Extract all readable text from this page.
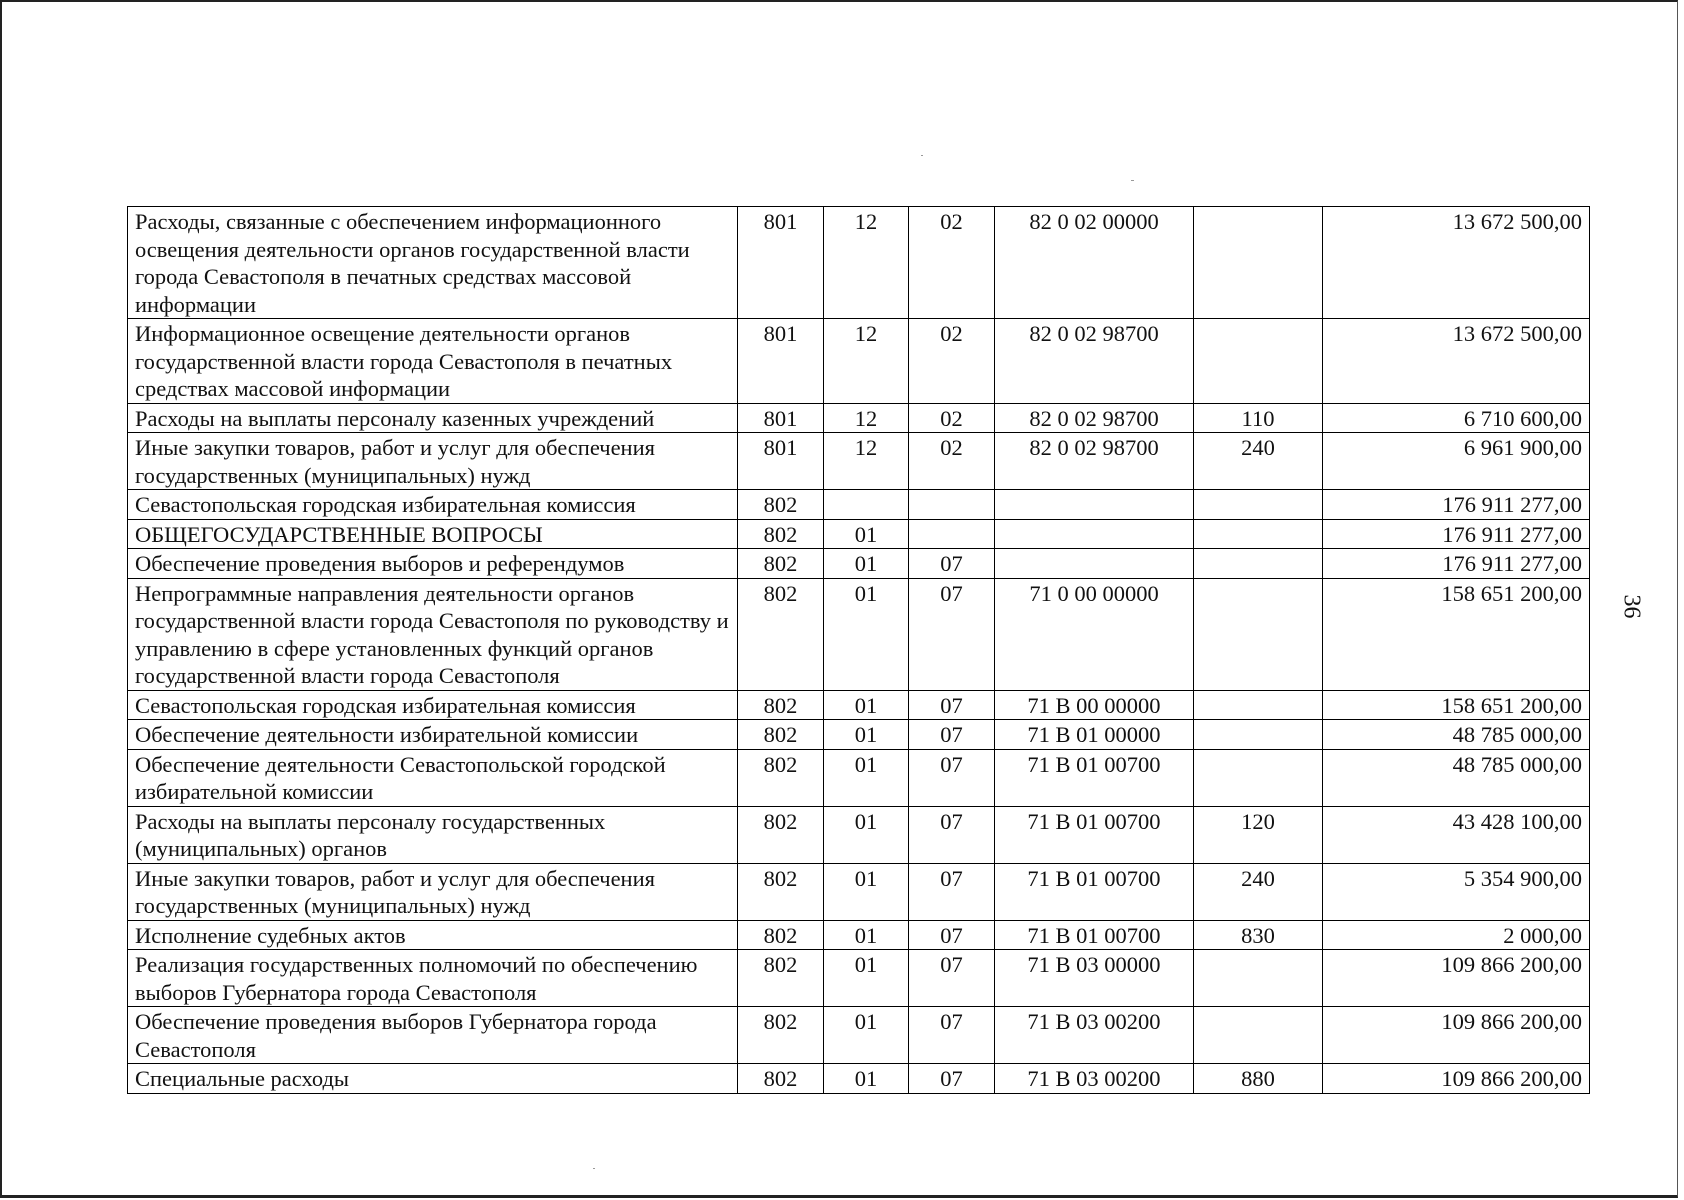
Расходы, связанные с обеспечением информационного освещения деятельности органов государственной власти города Севастополя в печатных средствах массовой информации	801	12	02	82 0 02 00000		13 672 500,00
Информационное освещение деятельности органов государственной власти города Севастополя в печатных средствах массовой информации	801	12	02	82 0 02 98700		13 672 500,00
Расходы на выплаты персоналу казенных учреждений	801	12	02	82 0 02 98700	110	6 710 600,00
Иные закупки товаров, работ и услуг для обеспечения государственных (муниципальных) нужд	801	12	02	82 0 02 98700	240	6 961 900,00
Севастопольская городская избирательная комиссия	802					176 911 277,00
ОБЩЕГОСУДАРСТВЕННЫЕ ВОПРОСЫ	802	01				176 911 277,00
Обеспечение проведения выборов и референдумов	802	01	07			176 911 277,00
Непрограммные направления деятельности органов государственной власти города Севастополя по руководству и управлению в сфере установленных функций органов государственной власти города Севастополя	802	01	07	71 0 00 00000		158 651 200,00
Севастопольская городская избирательная комиссия	802	01	07	71 В 00 00000		158 651 200,00
Обеспечение деятельности избирательной комиссии	802	01	07	71 В 01 00000		48 785 000,00
Обеспечение деятельности Севастопольской городской избирательной комиссии	802	01	07	71 В 01 00700		48 785 000,00
Расходы на выплаты персоналу государственных (муниципальных) органов	802	01	07	71 В 01 00700	120	43 428 100,00
Иные закупки товаров, работ и услуг для обеспечения государственных (муниципальных) нужд	802	01	07	71 В 01 00700	240	5 354 900,00
Исполнение судебных актов	802	01	07	71 В 01 00700	830	2 000,00
Реализация государственных полномочий по обеспечению выборов Губернатора города Севастополя	802	01	07	71 В 03 00000		109 866 200,00
Обеспечение проведения выборов Губернатора города Севастополя	802	01	07	71 В 03 00200		109 866 200,00
Специальные расходы	802	01	07	71 В 03 00200	880	109 866 200,00
36
